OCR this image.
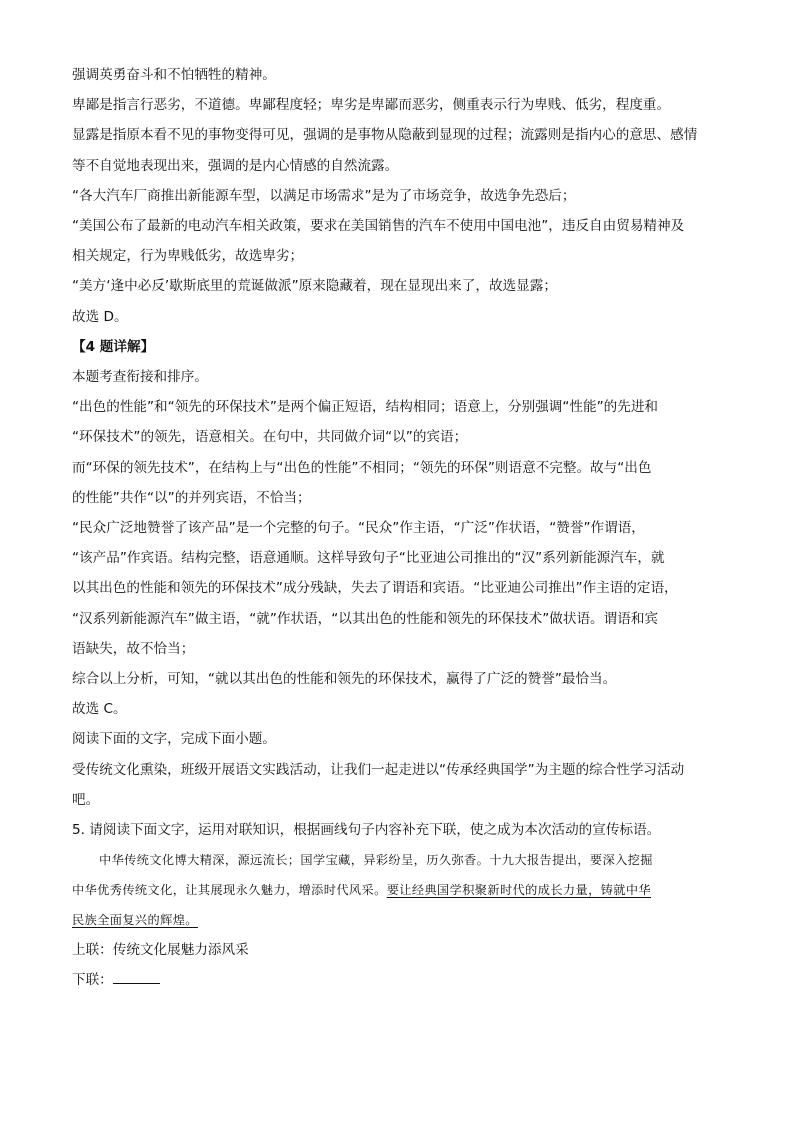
强调英勇奋斗和不怕牺牲的精神。

卑鄙是指言行恶劣，不道德。卑鄙程度轻；卑劣是卑鄙而恶劣，侧重表示行为卑贱、低劣，程度重。

显露是指原本看不见的事物变得可见，强调的是事物从隐蔽到显现的过程；流露则是指内心的意思、感情

等不自觉地表现出来，强调的是内心情感的自然流露。

“各大汽车厂商推出新能源车型，以满足市场需求”是为了市场竞争，故选争先恐后；

“美国公布了最新的电动汽车相关政策，要求在美国销售的汽车不使用中国电池”，违反自由贸易精神及

相关规定，行为卑贱低劣，故选卑劣；

“美方‘逢中必反’歇斯底里的荒诞做派”原来隐藏着，现在显现出来了，故选显露；

故选 D。

【4 题详解】

本题考查衔接和排序。

“出色的性能”和“领先的环保技术”是两个偏正短语，结构相同；语意上，分别强调“性能”的先进和

“环保技术”的领先，语意相关。在句中，共同做介词“以”的宾语；

而“环保的领先技术”，在结构上与“出色的性能”不相同；“领先的环保”则语意不完整。故与“出色

的性能”共作“以”的并列宾语，不恰当；

“民众广泛地赞誉了该产品”是一个完整的句子。“民众”作主语，“广泛”作状语，“赞誉”作谓语，

“该产品”作宾语。结构完整，语意通顺。这样导致句子“比亚迪公司推出的“汉”系列新能源汽车，就

以其出色的性能和领先的环保技术”成分残缺，失去了谓语和宾语。“比亚迪公司推出”作主语的定语，

“汉系列新能源汽车”做主语，“就”作状语，“以其出色的性能和领先的环保技术”做状语。谓语和宾

语缺失，故不恰当；

综合以上分析，可知，“就以其出色的性能和领先的环保技术，赢得了广泛的赞誉”最恰当。

故选 C。

阅读下面的文字，完成下面小题。

受传统文化熏染，班级开展语文实践活动，让我们一起走进以“传承经典国学”为主题的综合性学习活动

吧。

5. 请阅读下面文字，运用对联知识，根据画线句子内容补充下联，使之成为本次活动的宣传标语。

中华传统文化博大精深，源远流长；国学宝藏，异彩纷呈，历久弥香。十九大报告提出，要深入挖掘

中华优秀传统文化，让其展现永久魅力，增添时代风采。要让经典国学积聚新时代的成长力量，铸就中华

民族全面复兴的辉煌。

上联：传统文化展魅力添风采

下联：
